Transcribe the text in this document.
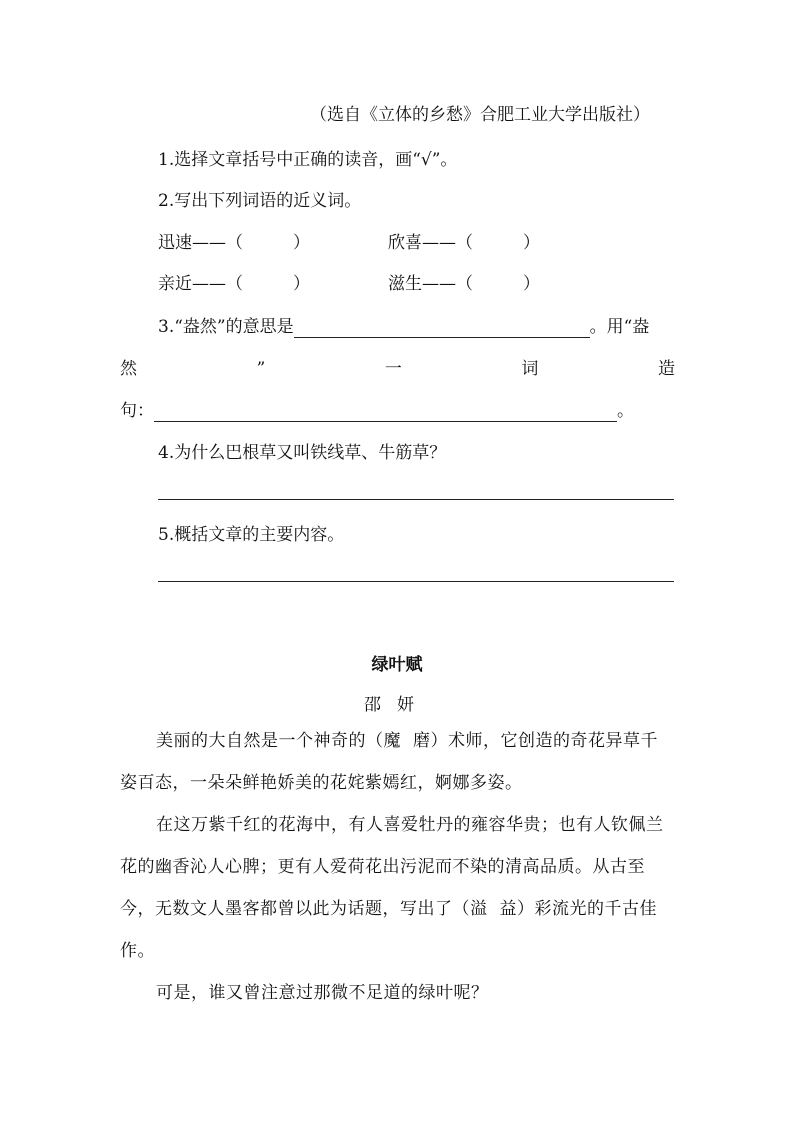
（选自《立体的乡愁》合肥工业大学出版社）
1.选择文章括号中正确的读音，画“√”。
2.写出下列词语的近义词。
迅速——（	）	欣喜——（	）
亲近——（	）	滋生——（	）
3.“盎然”的意思是	。用“盎
然	”	一	词	造
句：	。
4.为什么巴根草又叫铁线草、牛筋草？
5.概括文章的主要内容。
绿叶赋
邵妍
美丽的大自然是一个神奇的（魔 磨）术师，它创造的奇花异草千姿百态，一朵朵鲜艳娇美的花姹紫嫣红，婀娜多姿。
在这万紫千红的花海中，有人喜爱牡丹的雍容华贵；也有人钦佩兰花的幽香沁人心脾；更有人爱荷花出污泥而不染的清高品质。从古至今，无数文人墨客都曾以此为话题，写出了（溢 益）彩流光的千古佳作。
可是，谁又曾注意过那微不足道的绿叶呢？
